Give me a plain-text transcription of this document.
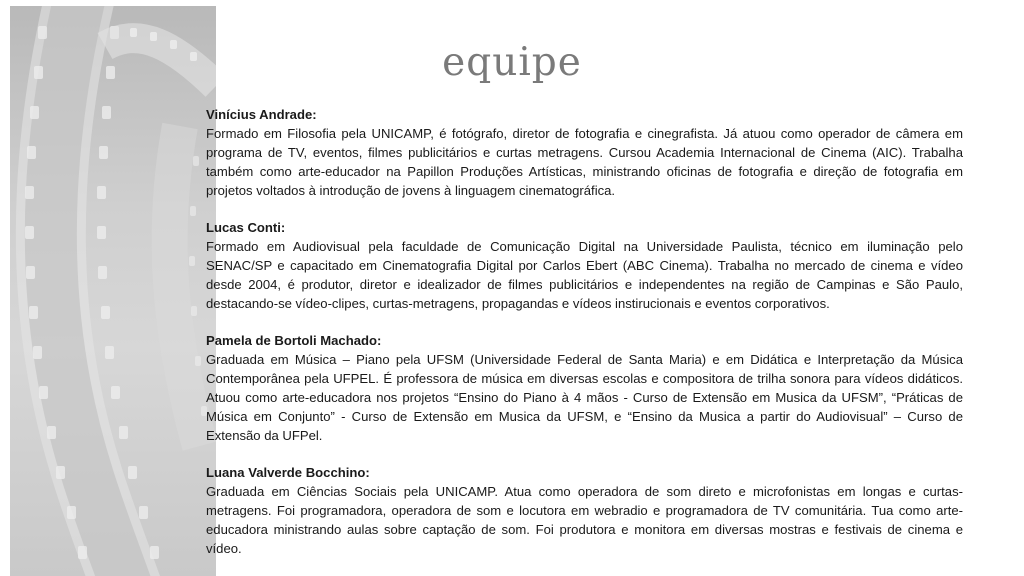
equipe
Vinícius Andrade:
Formado em Filosofia pela UNICAMP, é fotógrafo, diretor de fotografia e cinegrafista. Já atuou como operador de câmera em programa de TV, eventos, filmes publicitários e curtas metragens. Cursou Academia Internacional de Cinema (AIC). Trabalha também como arte-educador na Papillon Produções Artísticas, ministrando oficinas de fotografia e direção de fotografia em projetos voltados à introdução de jovens à linguagem cinematográfica.
Lucas Conti:
Formado em Audiovisual pela faculdade de Comunicação Digital na Universidade Paulista, técnico em iluminação pelo SENAC/SP e capacitado em Cinematografia Digital por Carlos Ebert (ABC Cinema). Trabalha no mercado de cinema e vídeo desde 2004, é produtor, diretor e idealizador de filmes publicitários e independentes na região de Campinas e São Paulo, destacando-se vídeo-clipes, curtas-metragens, propagandas e vídeos instirucionais e eventos corporativos.
Pamela de Bortoli Machado:
Graduada em Música – Piano pela UFSM (Universidade Federal de Santa Maria) e em Didática e Interpretação da Música Contemporânea pela UFPEL. É professora de música em diversas escolas e compositora de trilha sonora para vídeos didáticos. Atuou como arte-educadora nos projetos “Ensino do Piano à 4 mãos - Curso de Extensão em Musica da UFSM”, “Práticas de Música em Conjunto” - Curso de Extensão em Musica da UFSM, e “Ensino da Musica a partir do Audiovisual” – Curso de Extensão da UFPel.
Luana Valverde Bocchino:
Graduada em Ciências Sociais pela UNICAMP. Atua como operadora de som direto e microfonistas em longas e curtas-metragens. Foi programadora, operadora de som e locutora em webradio e programadora de TV comunitária. Tua como arte-educadora ministrando aulas sobre captação de som. Foi produtora e monitora em diversas mostras e festivais de cinema e vídeo.
